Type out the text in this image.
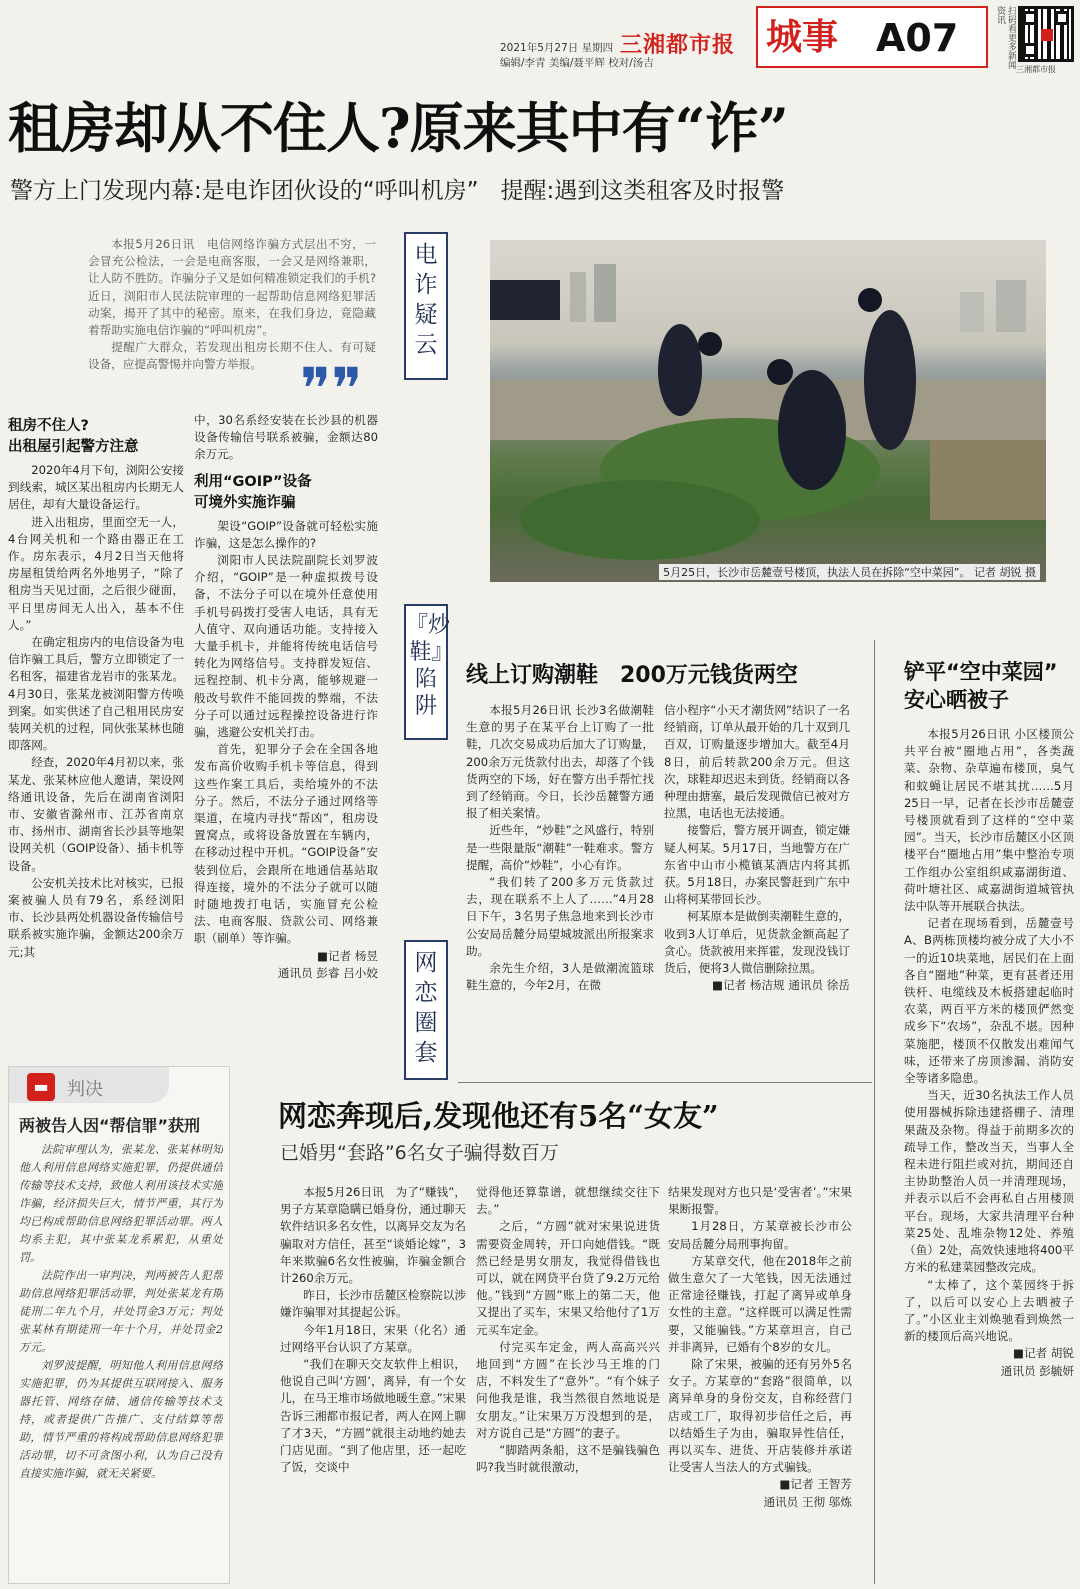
2021年5月27日 星期四
编辑/李青 美编/聂平辉 校对/汤吉
三湘都市报 城事 A07	扫码看更多新闻资讯
三湘都市报
租房却从不住人?原来其中有“诈”
警方上门发现内幕:是电诈团伙设的“呼叫机房”   提醒:遇到这类租客及时报警
电诈疑云

本报5月26日讯　电信网络诈骗方式层出不穷，一会冒充公检法，一会是电商客服，一会又是网络兼职，让人防不胜防。诈骗分子又是如何精准锁定我们的手机?近日，浏阳市人民法院审理的一起帮助信息网络犯罪活动案，揭开了其中的秘密。原来，在我们身边，竟隐藏着帮助实施电信诈骗的“呼叫机房”。

提醒广大群众，若发现出租房长期不住人、有可疑设备，应提高警惕并向警方举报。 ❞❞

租房不住人?
出租屋引起警方注意

2020年4月下旬，浏阳公安接到线索，城区某出租房内长期无人居住，却有大量设备运行。

进入出租房，里面空无一人，4台网关机和一个路由器正在工作。房东表示，4月2日当天他将房屋租赁给两名外地男子，“除了租房当天见过面，之后很少碰面，平日里房间无人出入，基本不住人。”

在确定租房内的电信设备为电信诈骗工具后，警方立即锁定了一名租客，福建省龙岩市的张某龙。4月30日，张某龙被浏阳警方传唤到案。如实供述了自己租用民房安装网关机的过程，同伙张某林也随即落网。

经查，2020年4月初以来，张某龙、张某林应他人邀请，架设网络通讯设备，先后在湖南省浏阳市、安徽省滁州市、江苏省南京市、扬州市、湖南省长沙县等地架设网关机（GOIP设备）、插卡机等设备。

公安机关技术比对核实，已报案被骗人员有79名，系经浏阳市、长沙县两处机器设备传输信号联系被实施诈骗，金额达200余万元;其

中，30名系经安装在长沙县的机器设备传输信号联系被骗，金额达80余万元。

利用“GOIP”设备
可境外实施诈骗

架设“GOIP”设备就可轻松实施诈骗，这是怎么操作的?

浏阳市人民法院副院长刘罗波介绍，“GOIP”是一种虚拟拨号设备，不法分子可以在境外任意使用手机号码拨打受害人电话，具有无人值守、双向通话功能。支持接入大量手机卡，并能将传统电话信号转化为网络信号。支持群发短信、远程控制、机卡分离，能够规避一般改号软件不能回拨的弊端，不法分子可以通过远程操控设备进行诈骗，逃避公安机关打击。

首先，犯罪分子会在全国各地发布高价收购手机卡等信息，得到这些作案工具后，卖给境外的不法分子。然后，不法分子通过网络等渠道，在境内寻找“帮凶”，租房设置窝点，或将设备放置在车辆内，在移动过程中开机。“GOIP设备”安装到位后，会跟所在地通信基站取得连接，境外的不法分子就可以随时随地拨打电话，实施冒充公检法、电商客服、贷款公司、网络兼职（刷单）等诈骗。

■记者 杨昱
通讯员 彭睿 吕小姣

5月25日，长沙市岳麓壹号楼顶，执法人员在拆除“空中菜园”。 记者 胡锐 摄
『炒鞋』陷阱
线上订购潮鞋　200万元钱货两空

本报5月26日讯 长沙3名做潮鞋生意的男子在某平台上订购了一批鞋，几次交易成功后加大了订购量，200余万元货款付出去，却落了个钱货两空的下场，好在警方出手帮忙找到了经销商。今日，长沙岳麓警方通报了相关案情。

近些年，“炒鞋”之风盛行，特别是一些限量版“潮鞋”一鞋难求。警方提醒，高价“炒鞋”，小心有诈。

“我们转了200多万元货款过去，现在联系不上人了……”4月28日下午，3名男子焦急地来到长沙市公安局岳麓分局望城坡派出所报案求助。

余先生介绍，3人是做潮流篮球鞋生意的，今年2月，在微

信小程序“小天才潮货网”结识了一名经销商，订单从最开始的几十双到几百双，订购量逐步增加大。截至4月8日，前后转款200余万元。但这次，球鞋却迟迟未到货。经销商以各种理由搪塞，最后发现微信已被对方拉黑，电话也无法接通。

接警后，警方展开调查，锁定嫌疑人柯某。5月17日，当地警方在广东省中山市小榄镇某酒店内将其抓获。5月18日，办案民警赶到广东中山将柯某带回长沙。

柯某原本是做倒卖潮鞋生意的，收到3人订单后，见货款金额高起了贪心。货款被用来挥霍，发现没钱订货后，便将3人微信删除拉黑。

■记者 杨洁规 通讯员 徐岳

铲平“空中菜园”
安心晒被子

本报5月26日讯 小区楼顶公共平台被“圈地占用”，各类蔬菜、杂物、杂草遍布楼顶，臭气和蚊蝇让居民不堪其扰……5月25日一早，记者在长沙市岳麓壹号楼顶就看到了这样的“空中菜园”。当天，长沙市岳麓区小区顶楼平台“圈地占用”集中整治专项工作组办公室组织咸嘉湖街道、荷叶塘社区、咸嘉湖街道城管执法中队等开展联合执法。

记者在现场看到，岳麓壹号A、B两栋顶楼均被分成了大小不一的近10块菜地，居民们在上面各自“圈地”种菜，更有甚者还用铁杆、电缆线及木板搭建起临时农菜，两百平方米的楼顶俨然变成乡下“农场”，杂乱不堪。因种菜施肥，楼顶不仅散发出难闻气味，还带来了房顶渗漏、消防安全等诸多隐患。

当天，近30名执法工作人员使用器械拆除违建搭棚子、清理果蔬及杂物。得益于前期多次的疏导工作，整改当天，当事人全程未进行阻拦或对抗，期间还自主协助整治人员一并清理现场，并表示以后不会再私自占用楼顶平台。现场，大家共清理平台种菜25处、乱堆杂物12处、养殖（鱼）2处，高效快速地将400平方米的私建菜园整改完成。

“太棒了，这个菜园终于拆了，以后可以安心上去晒被子了。”小区业主刘焕驰看到焕然一新的楼顶后高兴地说。

■记者 胡锐
通讯员 彭毓妍

▬	判决
两被告人因“帮信罪”获刑

法院审理认为，张某龙、张某林明知他人利用信息网络实施犯罪，仍提供通信传输等技术支持，致他人利用该技术实施诈骗，经济损失巨大，情节严重，其行为均已构成帮助信息网络犯罪活动罪。两人均系主犯，其中张某龙系累犯，从重处罚。

法院作出一审判决，判两被告人犯帮助信息网络犯罪活动罪，判处张某龙有期徒刑二年九个月，并处罚金3万元；判处张某林有期徒刑一年十个月，并处罚金2万元。

刘罗波提醒，明知他人利用信息网络实施犯罪，仍为其提供互联网接入、服务器托管、网络存储、通信传输等技术支持，或者提供广告推广、支付结算等帮助，情节严重的将构成帮助信息网络犯罪活动罪，切不可贪图小利，认为自己没有直接实施诈骗，就无关紧要。

网恋圈套
网恋奔现后,发现他还有5名“女友”
已婚男“套路”6名女子骗得数百万

本报5月26日讯　为了“赚钱”，男子方某章隐瞒已婚身份，通过聊天软件结识多名女性，以离异交友为名骗取对方信任，甚至“谈婚论嫁”，3年来欺骗6名女性被骗，诈骗金额合计260余万元。

昨日，长沙市岳麓区检察院以涉嫌诈骗罪对其提起公诉。

今年1月18日，宋果（化名）通过网络平台认识了方某章。

“我们在聊天交友软件上相识，他说自己叫‘方圆’，离异，有一个女儿，在马王堆市场做地暖生意。”宋果告诉三湘都市报记者，两人在网上聊了才3天，“方圆”就很主动地约她去门店见面。“到了他店里，还一起吃了饭，交谈中

觉得他还算靠谱，就想继续交往下去。”

之后，“方圆”就对宋果说进货需要资金周转，开口向她借钱。“既然已经是男女朋友，我觉得借钱也可以，就在网贷平台贷了9.2万元给他。”钱到“方圆”账上的第二天，他又提出了买车，宋果又给他付了1万元买车定金。

付完买车定金，两人高高兴兴地回到“方圆”在长沙马王堆的门店，不料发生了“意外”。“有个妹子问他我是谁，我当然很自然地说是女朋友。”让宋果万万没想到的是，对方说自己是“方圆”的妻子。

“脚踏两条船，这不是骗钱骗色吗?我当时就很激动，

结果发现对方也只是‘受害者’。”宋果果断报警。

1月28日，方某章被长沙市公安局岳麓分局刑事拘留。

方某章交代，他在2018年之前做生意欠了一大笔钱，因无法通过正常途径赚钱，打起了离异或单身女性的主意。“这样既可以满足性需要，又能骗钱。”方某章坦言，自己并非离异，已婚有个8岁的女儿。

除了宋果，被骗的还有另外5名女子。方某章的“套路”很简单，以离异单身的身份交友，自称经营门店或工厂，取得初步信任之后，再以结婚生子为由，骗取异性信任，再以买车、进货、开店装修并承诺让受害人当法人的方式骗钱。

■记者 王智芳
通讯员 王彻 邬炼
